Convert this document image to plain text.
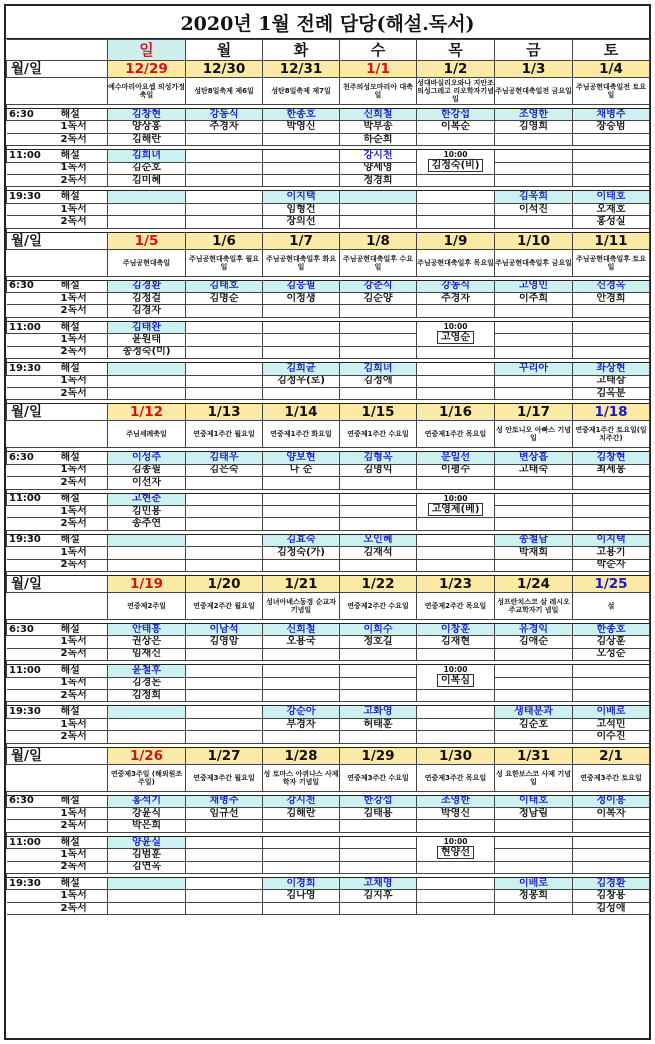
2020년 1월 전례 담당(해설.독서)
		일	월	화	수	목	금	토
월/일		12/29	12/30	12/31	1/1	1/2	1/3	1/4
		예수마리아요셉 의성가정축일	성탄8일축제 제6일	성탄8일축제 제7일	천주의성모마리아 대축일	성대바실리오와나 지안조의성그레고 리오학자기념일	주님공현대축일전 금요일	주님공현대축일전 토요일

6:30	해설	김창현	강동식	한종호	신희철	한강섭	조영한	채병주
	1독서	양상홍	주경자	박영신	박부송	이복순	김영희	장승범
	2독서	김해란			하순희			

11:00	해설	김희녀			강시천	10:00
김정숙(비)		
	1독서	김순호			양세영			
	2독서	김미혜			정경희			

19:30	해설			이지택			김욱희	이태호
	1독서			임형건			이석진	오재호
	2독서			장의선				홍성실

월/일		1/5	1/6	1/7	1/8	1/9	1/10	1/11
		주님공현대축일	주님공현대축일후 월요일	주님공현대축일후 화요일	주님공현대축일후 수요일	주님공현대축일후 목요일	주님공현대축일후 금요일	주님공현대축일후 토요일

6:30	해설	김경환	김태호	김응필	강춘식	강동식	고영민	신경옥
	1독서	김정걸	김명순	이정생	김순양	주경자	이주희	안경희
	2독서	김경자						

11:00	해설	김태완				10:00
고영순		
	1독서	윤원태						
	2독서	송정숙(미)						

19:30	해설			김희균	김희녀		꾸리아	좌상현
	1독서			김정우(로)	김정애			고태삼
	2독서							김옥분

월/일		1/12	1/13	1/14	1/15	1/16	1/17	1/18
		주님세례축일	연중제1주간 월요일	연중제1주간 화요일	연중제1주간 수요일	연중제1주간 목요일	성 안토니오 아빠스 기념일	연중제1주간 토요일(일치주간)

6:30	해설	이성주	김태우	양보현	김형옥	문일선	변상흡	김창현
	1독서	김종필	김은숙	나 순	김명익	이평수	고태숙	최세봉
	2독서	이선자						

11:00	해설	고현춘				10:00
고영제(베)		
	1독서	김민용						
	2독서	송주연						

19:30	해설			김효숙	오인혜		송철남	이지택
	1독서			김정숙(가)	김재석		박재희	고용기
	2독서							박순자

월/일		1/19	1/20	1/21	1/22	1/23	1/24	1/25
		연중제2주일	연중제2주간 월요일	성녀아녜스동정 순교자기념일	연중제2주간 수요일	연중제2주간 목요일	성프란치스코 살 레시오주교학자기 념일	설

6:30	해설	안태흥	이남석	신희철	이희수	이창훈	유경익	한종호
	1독서	권상은	김영암	오용국	정호길	김재현	김애순	김상훈
	2독서	임재신						오성순

11:00	해설	윤철후				10:00
이복심		
	1독서	김경돈						
	2독서	김정희						

19:30	해설			강순아	고화영		생태분과	이배로
	1독서			부경자	허태훈		김순호	고석민
	2독서							이수진

월/일		1/26	1/27	1/28	1/29	1/30	1/31	2/1
		연중제3주일 (해외원조주일)	연중제3주간 월요일	성 토마스 아퀴나스 사제학자 기념일	연중제3주간 수요일	연중제3주간 목요일	성 요한보스코 사제 기념일	연중제3주간 토요일

6:30	해설	홍석기	채병주	강시천	한강섭	조영한	이태호	정이흥
	1독서	강윤식	임규선	김해란	김태용	박영신	정남림	이복자
	2독서	박은희						

11:00	해설	양윤실				10:00
현양선		
	1독서	김범훈						
	2독서	김연옥						

19:30	해설			이경희	고채영		이배로	김경환
	1독서			김나영	김지후		정봉희	김창용
	2독서							김성애
